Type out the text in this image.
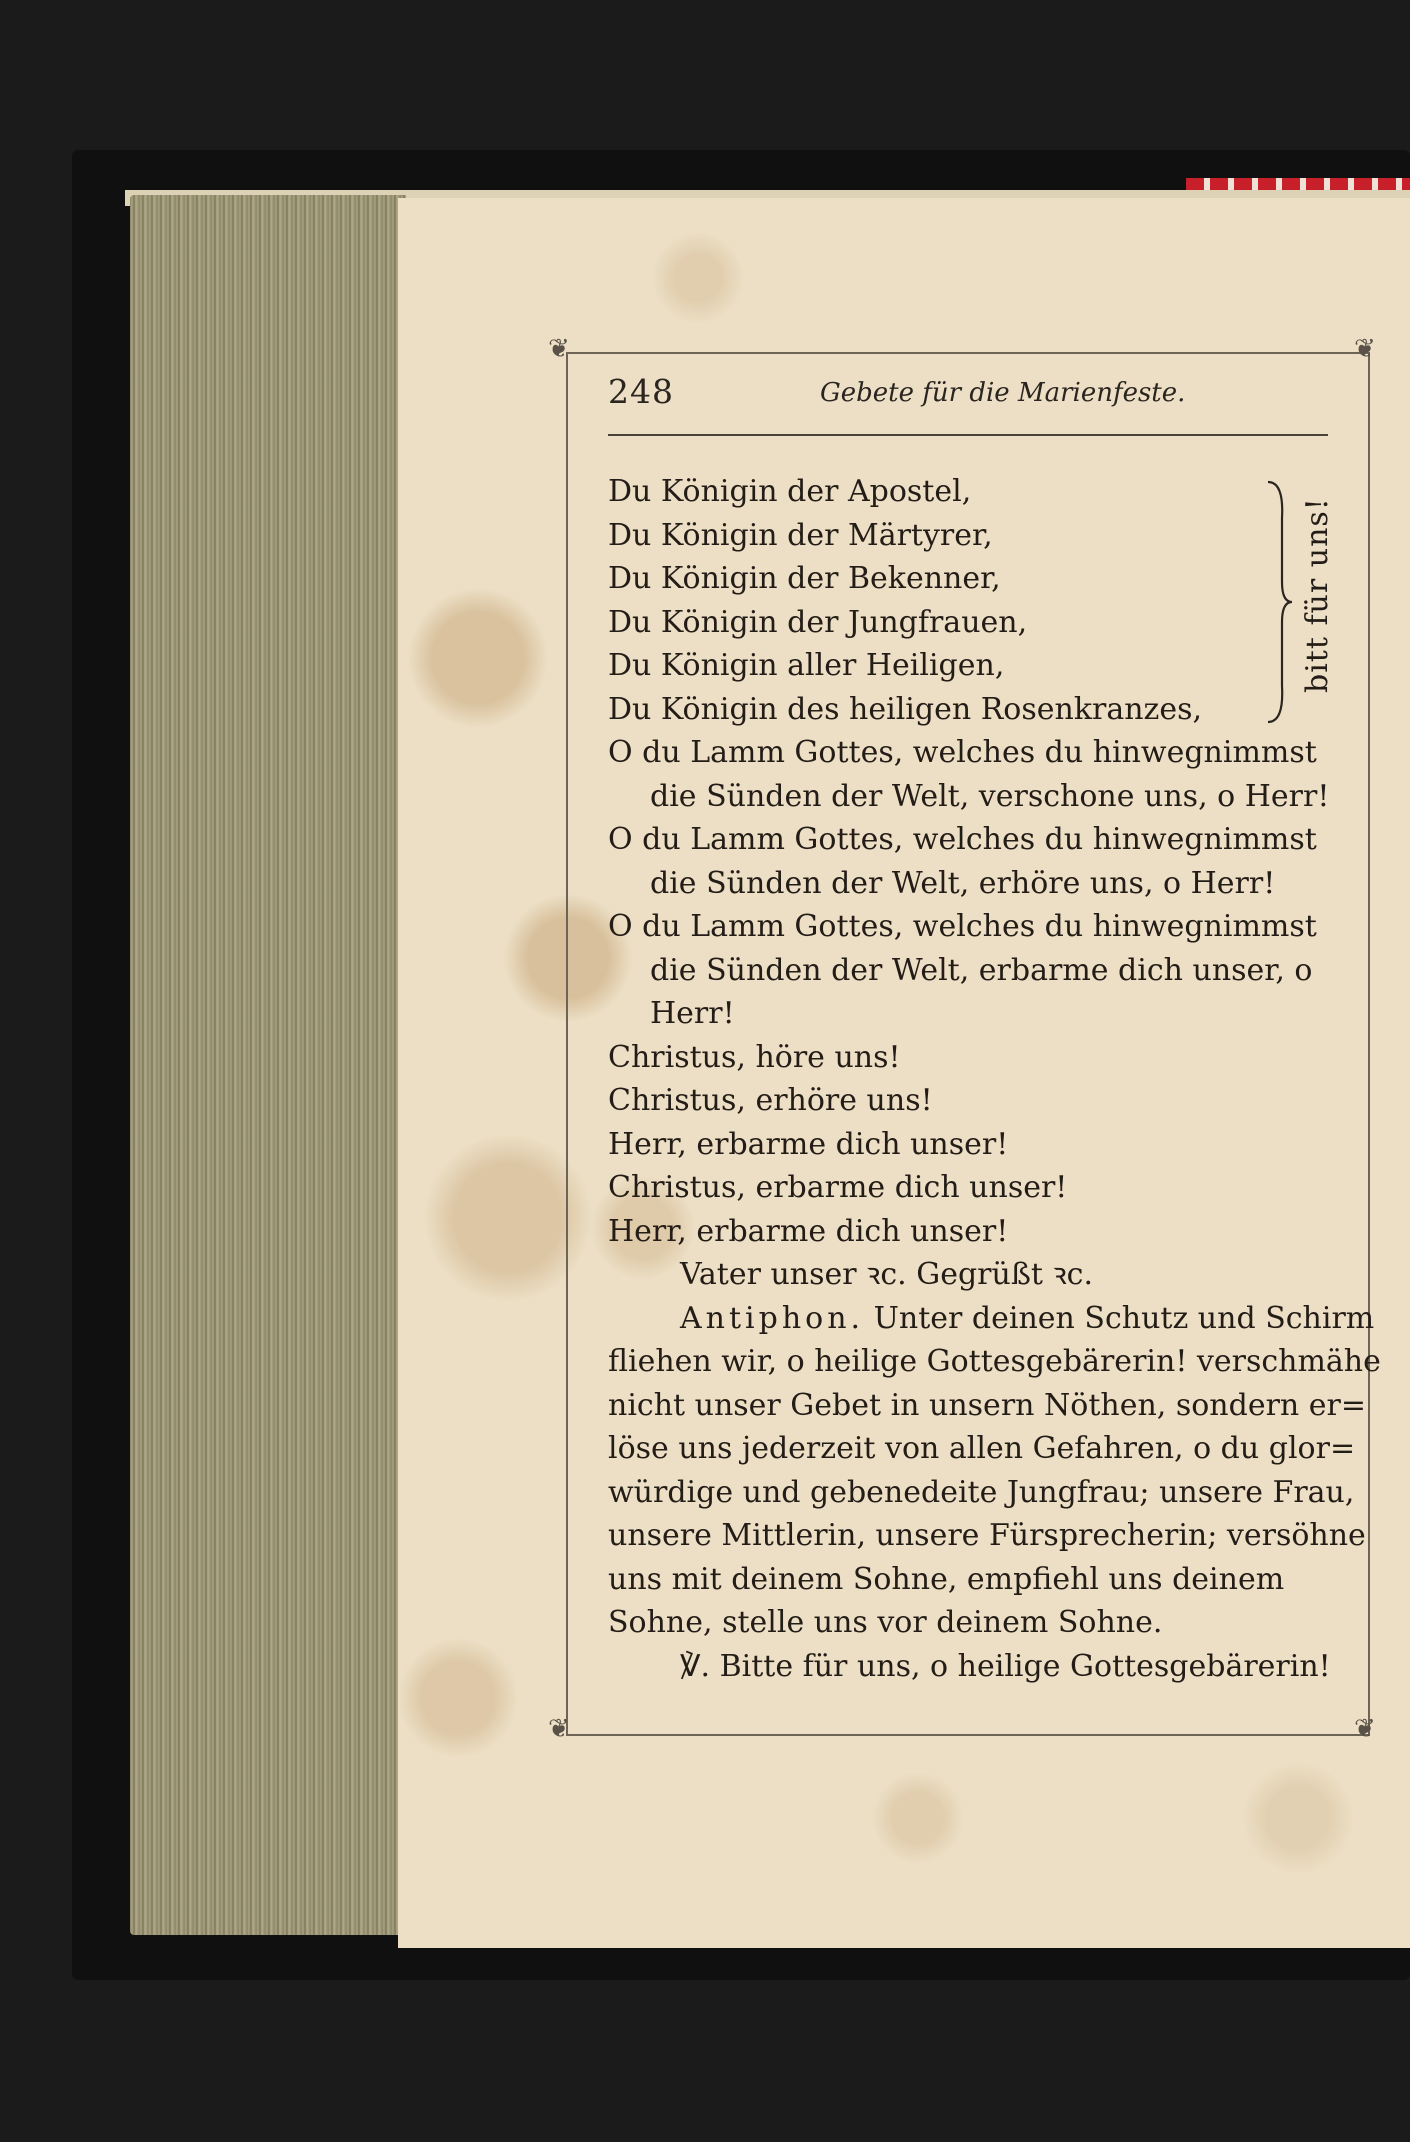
❦	❦
❦	❦
248	Gebete für die Marienfeste.
Du Königin der Apostel,
Du Königin der Märtyrer,
Du Königin der Bekenner,
Du Königin der Jungfrauen,
Du Königin aller Heiligen,
Du Königin des heiligen Rosenkranzes,
O du Lamm Gottes, welches du hinwegnimmst
die Sünden der Welt, verschone uns, o Herr!
O du Lamm Gottes, welches du hinwegnimmst
die Sünden der Welt, erhöre uns, o Herr!
O du Lamm Gottes, welches du hinwegnimmst
die Sünden der Welt, erbarme dich unser, o
Herr!
Christus, höre uns!
Christus, erhöre uns!
Herr, erbarme dich unser!
Christus, erbarme dich unser!
Herr, erbarme dich unser!
Vater unser ꝛc. Gegrüßt ꝛc.
Antiphon. Unter deinen Schutz und Schirm
fliehen wir, o heilige Gottesgebärerin! verschmähe
nicht unser Gebet in unsern Nöthen, sondern er=
löse uns jederzeit von allen Gefahren, o du glor=
würdige und gebenedeite Jungfrau; unsere Frau,
unsere Mittlerin, unsere Fürsprecherin; versöhne
uns mit deinem Sohne, empfiehl uns deinem
Sohne, stelle uns vor deinem Sohne.
℣. Bitte für uns, o heilige Gottesgebärerin!
bitt für uns!
